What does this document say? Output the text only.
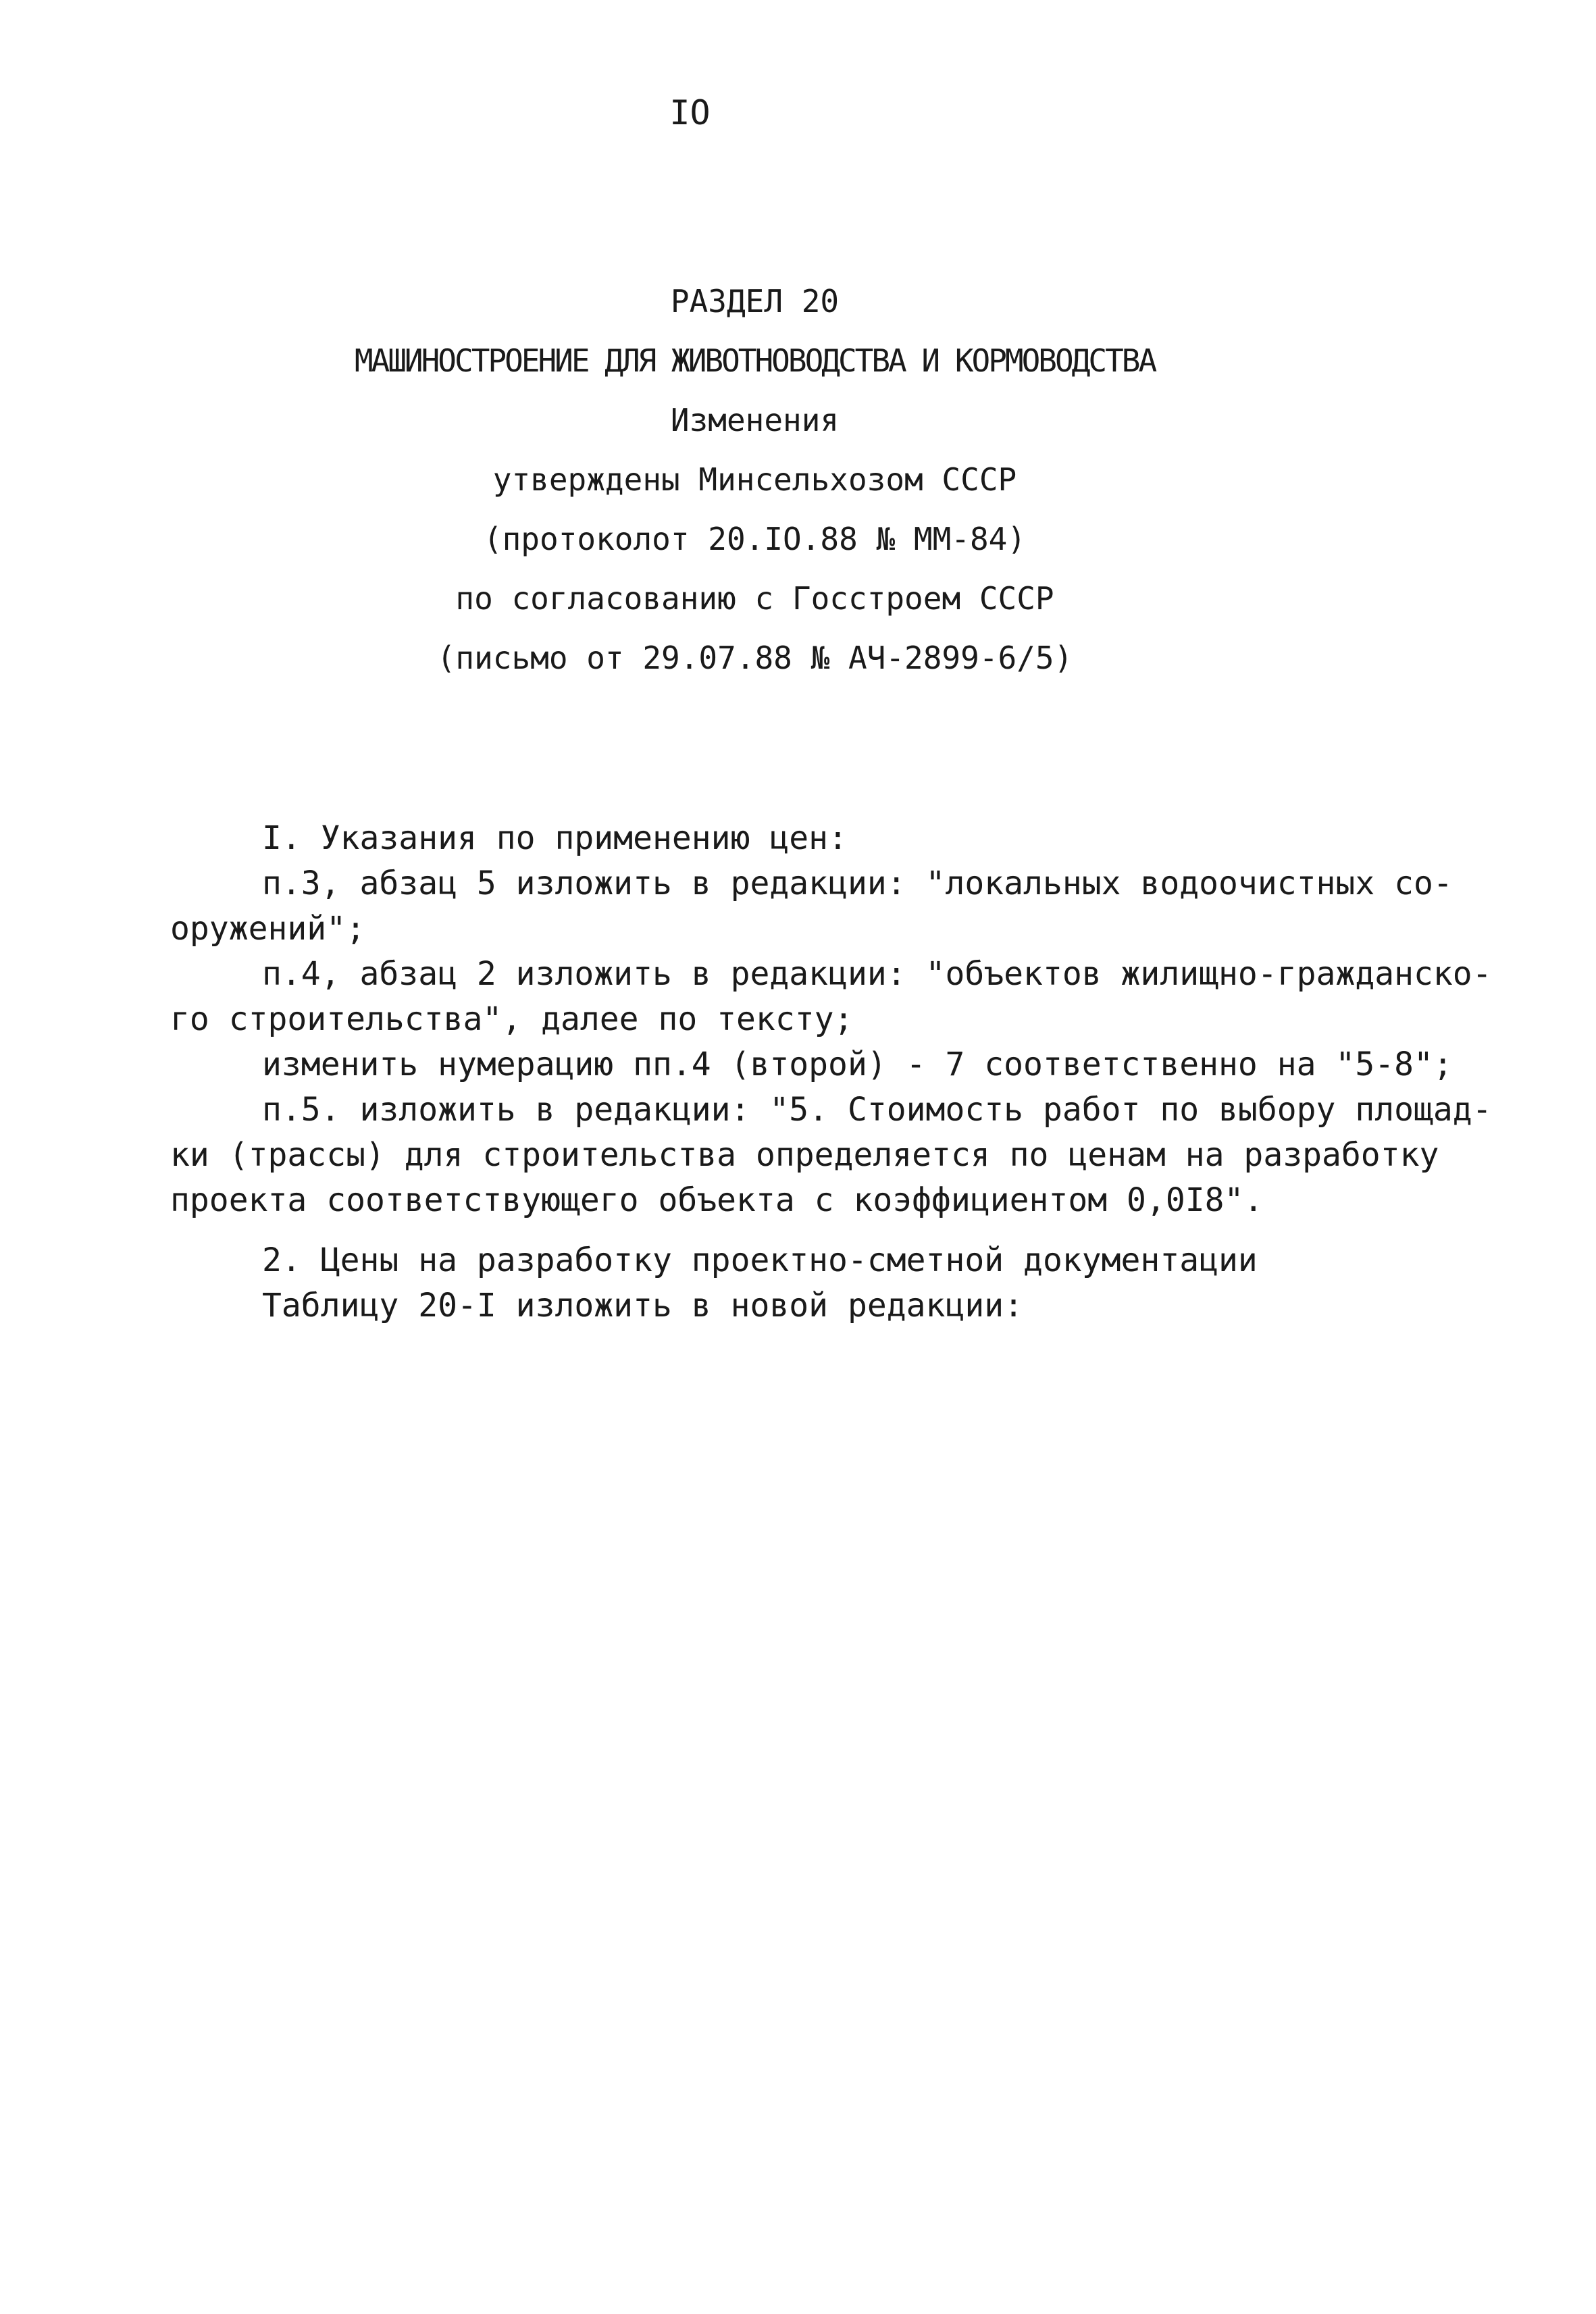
IO
РАЗДЕЛ 20
МАШИНОСТРОЕНИЕ ДЛЯ ЖИВОТНОВОДСТВА И КОРМОВОДСТВА
Изменения
утверждены Минсельхозом СССР
(протоколот 20.IO.88 № ММ-84)
по согласованию с Госстроем СССР
(письмо от 29.07.88 № АЧ-2899-6/5)
I. Указания по применению цен:
п.3, абзац 5 изложить в редакции: "локальных водоочистных со-
оружений";
п.4, абзац 2 изложить в редакции: "объектов жилищно-гражданско-
го строительства", далее по тексту;
изменить нумерацию пп.4 (второй) - 7 соответственно на "5-8";
п.5. изложить в редакции: "5. Стоимость работ по выбору площад-
ки (трассы) для строительства определяется по ценам на разработку
проекта соответствующего объекта с коэффициентом 0,0I8".
2. Цены на разработку проектно-сметной документации
Таблицу 20-I изложить в новой редакции:
